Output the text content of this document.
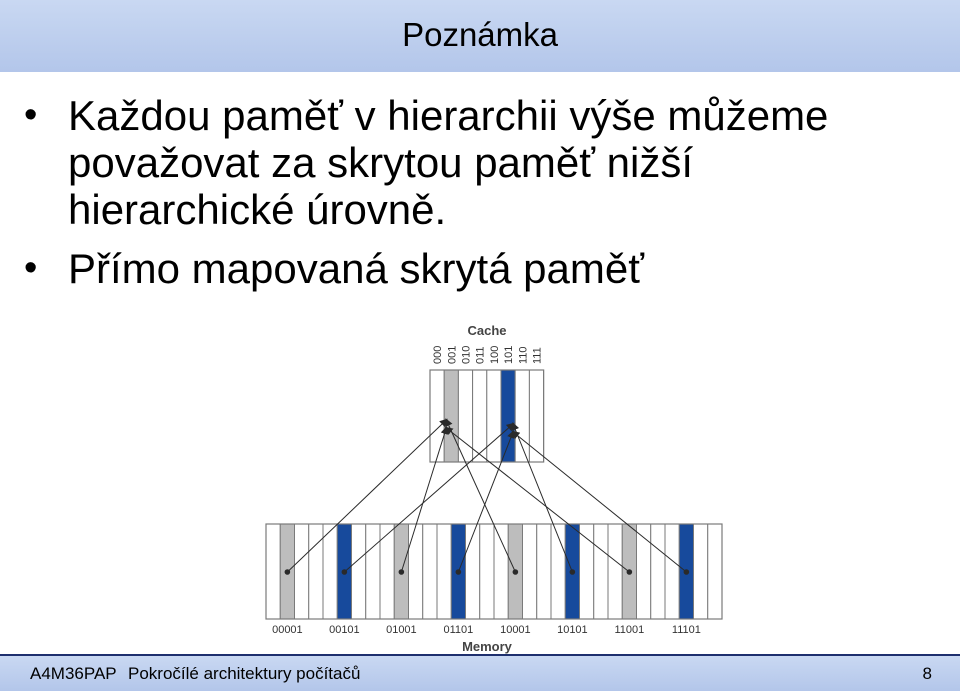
Poznámka
• Každou paměť v hierarchii výše můžeme považovat za skrytou paměť nižší hierarchické úrovně.
• Přímo mapovaná skrytá paměť
Cache
000 001 010 011 100 101 110 111
00001 00101 01001 01101 10001 10101 11001	11101
Memory
A4M36PAP Pokročílé architektury počítačů	8
